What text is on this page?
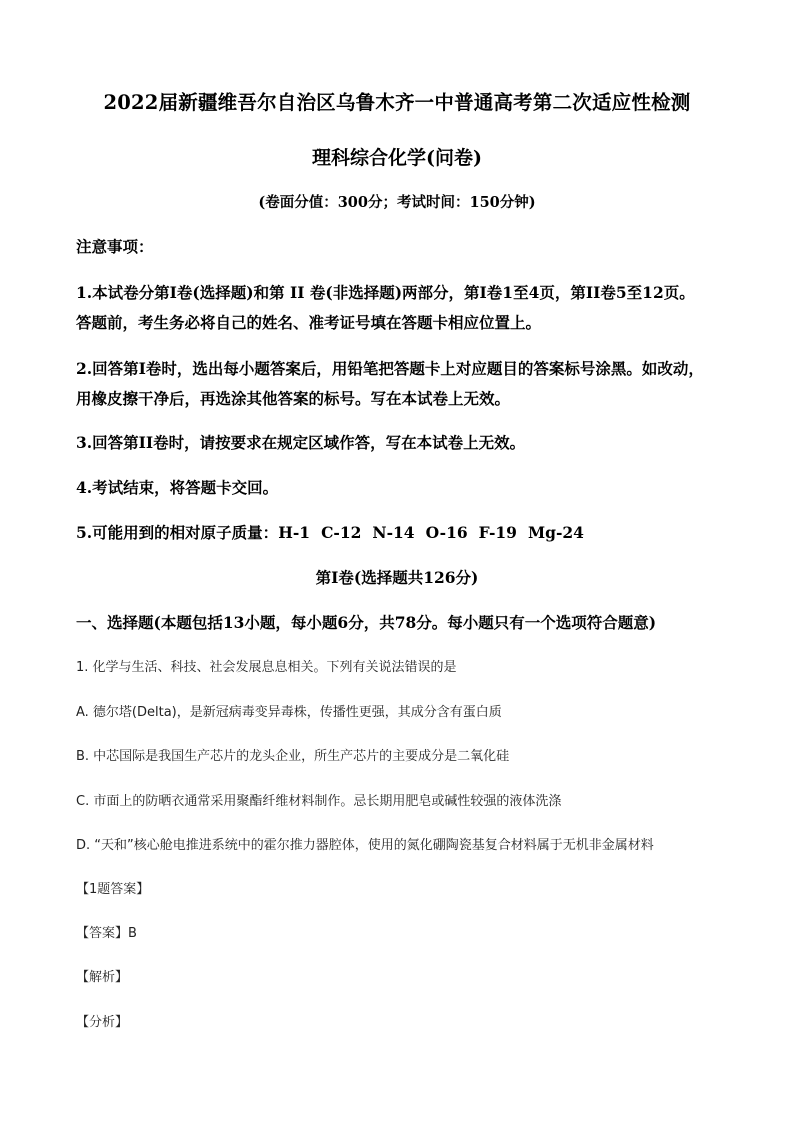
2022届新疆维吾尔自治区乌鲁木齐一中普通高考第二次适应性检测
理科综合化学(问卷)
(卷面分值：300分；考试时间：150分钟)
注意事项：
1.本试卷分第Ⅰ卷(选择题)和第 II 卷(非选择题)两部分，第Ⅰ卷1至4页，第II卷5至12页。
答题前，考生务必将自己的姓名、准考证号填在答题卡相应位置上。
2.回答第Ⅰ卷时，选出每小题答案后，用铅笔把答题卡上对应题目的答案标号涂黑。如改动，
用橡皮擦干净后，再选涂其他答案的标号。写在本试卷上无效。
3.回答第II卷时，请按要求在规定区域作答，写在本试卷上无效。
4.考试结束，将答题卡交回。
5.可能用到的相对原子质量：H-1 C-12 N-14 O-16 F-19 Mg-24
第Ⅰ卷(选择题共126分)
一、选择题(本题包括13小题，每小题6分，共78分。每小题只有一个选项符合题意)
1. 化学与生活、科技、社会发展息息相关。下列有关说法错误的是
A. 德尔塔(Delta)，是新冠病毒变异毒株，传播性更强，其成分含有蛋白质
B. 中芯国际是我国生产芯片的龙头企业，所生产芯片的主要成分是二氧化硅
C. 市面上的防晒衣通常采用聚酯纤维材料制作。忌长期用肥皂或碱性较强的液体洗涤
D. “天和”核心舱电推进系统中的霍尔推力器腔体，使用的氮化硼陶瓷基复合材料属于无机非金属材料
【1题答案】
【答案】B
【解析】
【分析】
